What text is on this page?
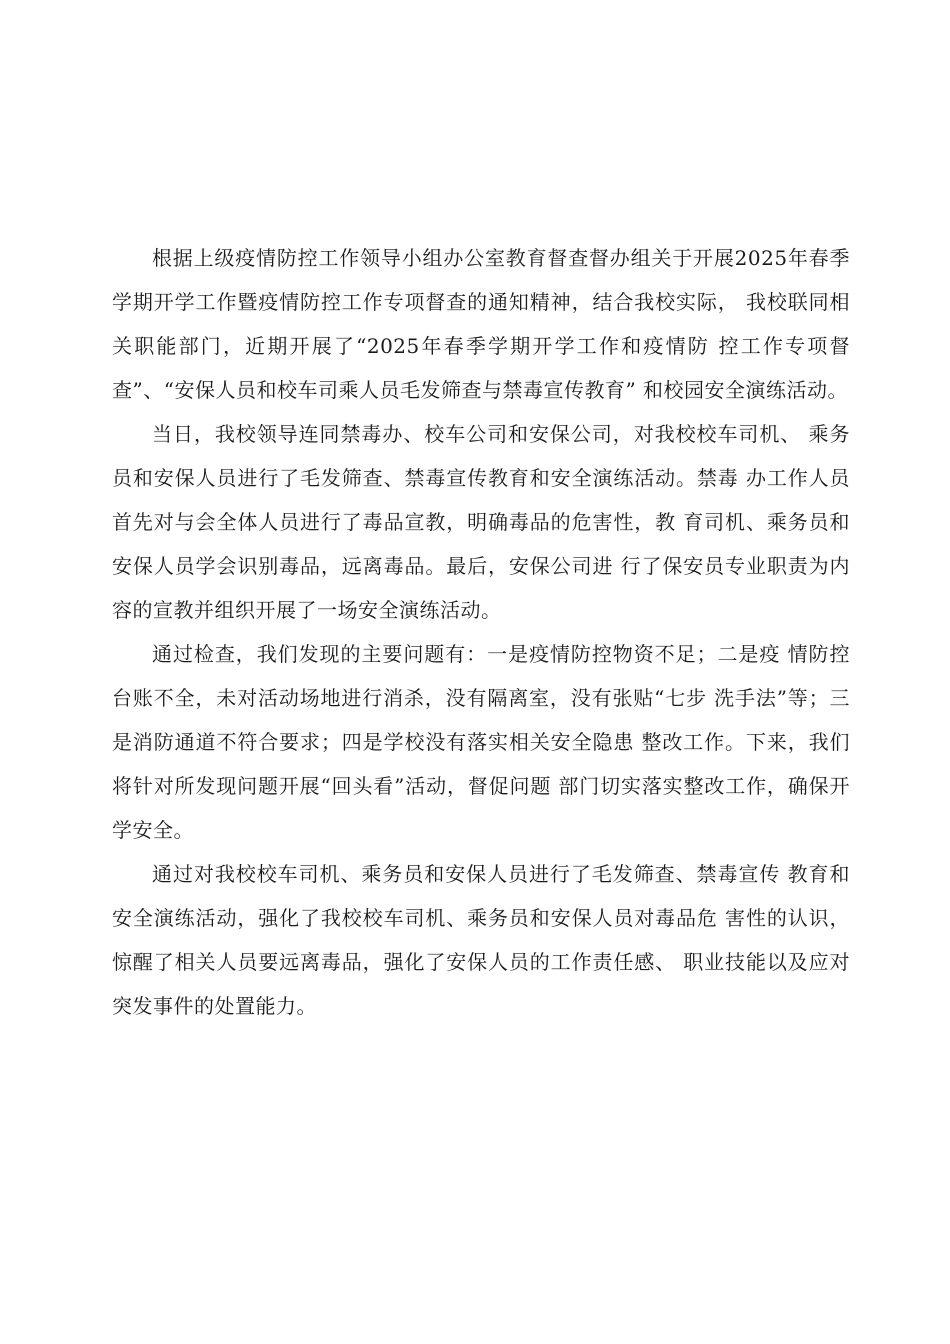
根据上级疫情防控工作领导小组办公室教育督查督办组关于开展2025年春季学期开学工作暨疫情防控工作专项督查的通知精神，结合我校实际， 我校联同相关职能部门，近期开展了“2025年春季学期开学工作和疫情防 控工作专项督查”、“安保人员和校车司乘人员毛发筛查与禁毒宣传教育” 和校园安全演练活动。

当日，我校领导连同禁毒办、校车公司和安保公司，对我校校车司机、 乘务员和安保人员进行了毛发筛查、禁毒宣传教育和安全演练活动。禁毒 办工作人员首先对与会全体人员进行了毒品宣教，明确毒品的危害性，教 育司机、乘务员和安保人员学会识别毒品，远离毒品。最后，安保公司进 行了保安员专业职责为内容的宣教并组织开展了一场安全演练活动。

通过检查，我们发现的主要问题有：一是疫情防控物资不足；二是疫 情防控台账不全，未对活动场地进行消杀，没有隔离室，没有张贴“七步 洗手法”等；三是消防通道不符合要求；四是学校没有落实相关安全隐患 整改工作。下来，我们将针对所发现问题开展“回头看”活动，督促问题 部门切实落实整改工作，确保开学安全。

通过对我校校车司机、乘务员和安保人员进行了毛发筛查、禁毒宣传 教育和安全演练活动，强化了我校校车司机、乘务员和安保人员对毒品危 害性的认识，惊醒了相关人员要远离毒品，强化了安保人员的工作责任感、 职业技能以及应对突发事件的处置能力。
